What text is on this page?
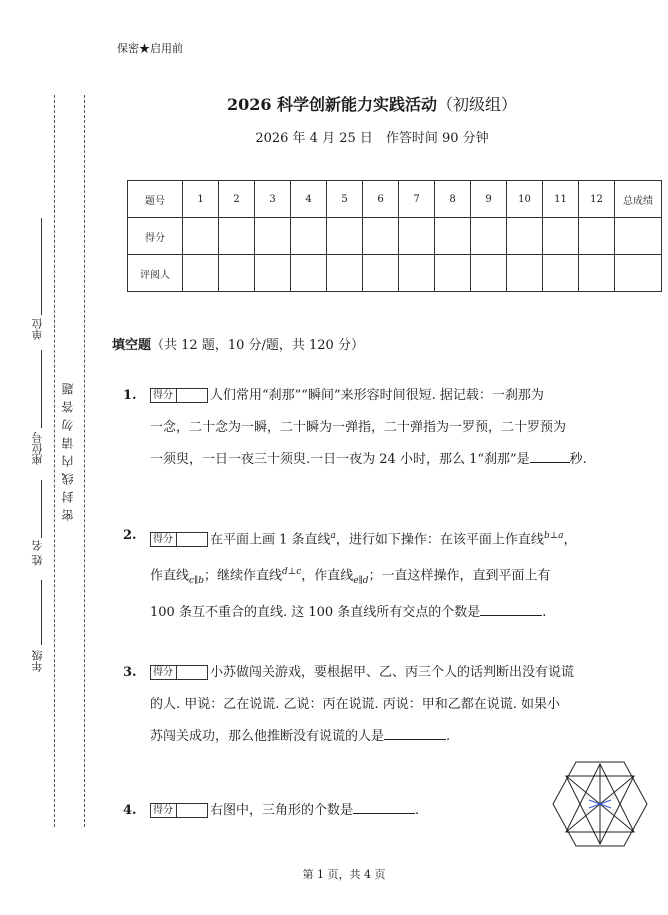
保密★启用前
2026 科学创新能力实践活动（初级组）
2026 年 4 月 25 日　作答时间 90 分钟
单位
座位号
姓 名
年级
密封线内请勿答题
题号	1	2	3	4	5	6	7	8	9	10	11	12	总成绩
得分													
评阅人													
填空题（共 12 题，10 分/题，共 120 分）
1. 得分	人们常用“刹那”“瞬间”来形容时间很短. 据记载：一刹那为
一念，二十念为一瞬，二十瞬为一弹指，二十弹指为一罗预，二十罗预为
一须臾，一日一夜三十须臾.一日一夜为 24 小时，那么 1“刹那”是	秒.
2. 得分	在平面上画 1 条直线$^a$，进行如下操作：在该平面上作直线$^{b\perp a}$，
作直线$_{c\parallel b}$；继续作直线$^{d\perp c}$，作直线$_{e\parallel d}$；一直这样操作，直到平面上有
100 条互不重合的直线. 这 100 条直线所有交点的个数是	.
3. 得分	小苏做闯关游戏，要根据甲、乙、丙三个人的话判断出没有说谎
的人. 甲说：乙在说谎. 乙说：丙在说谎. 丙说：甲和乙都在说谎. 如果小
苏闯关成功，那么他推断没有说谎的人是	.
4. 得分	右图中，三角形的个数是	.
第 1 页，共 4 页
